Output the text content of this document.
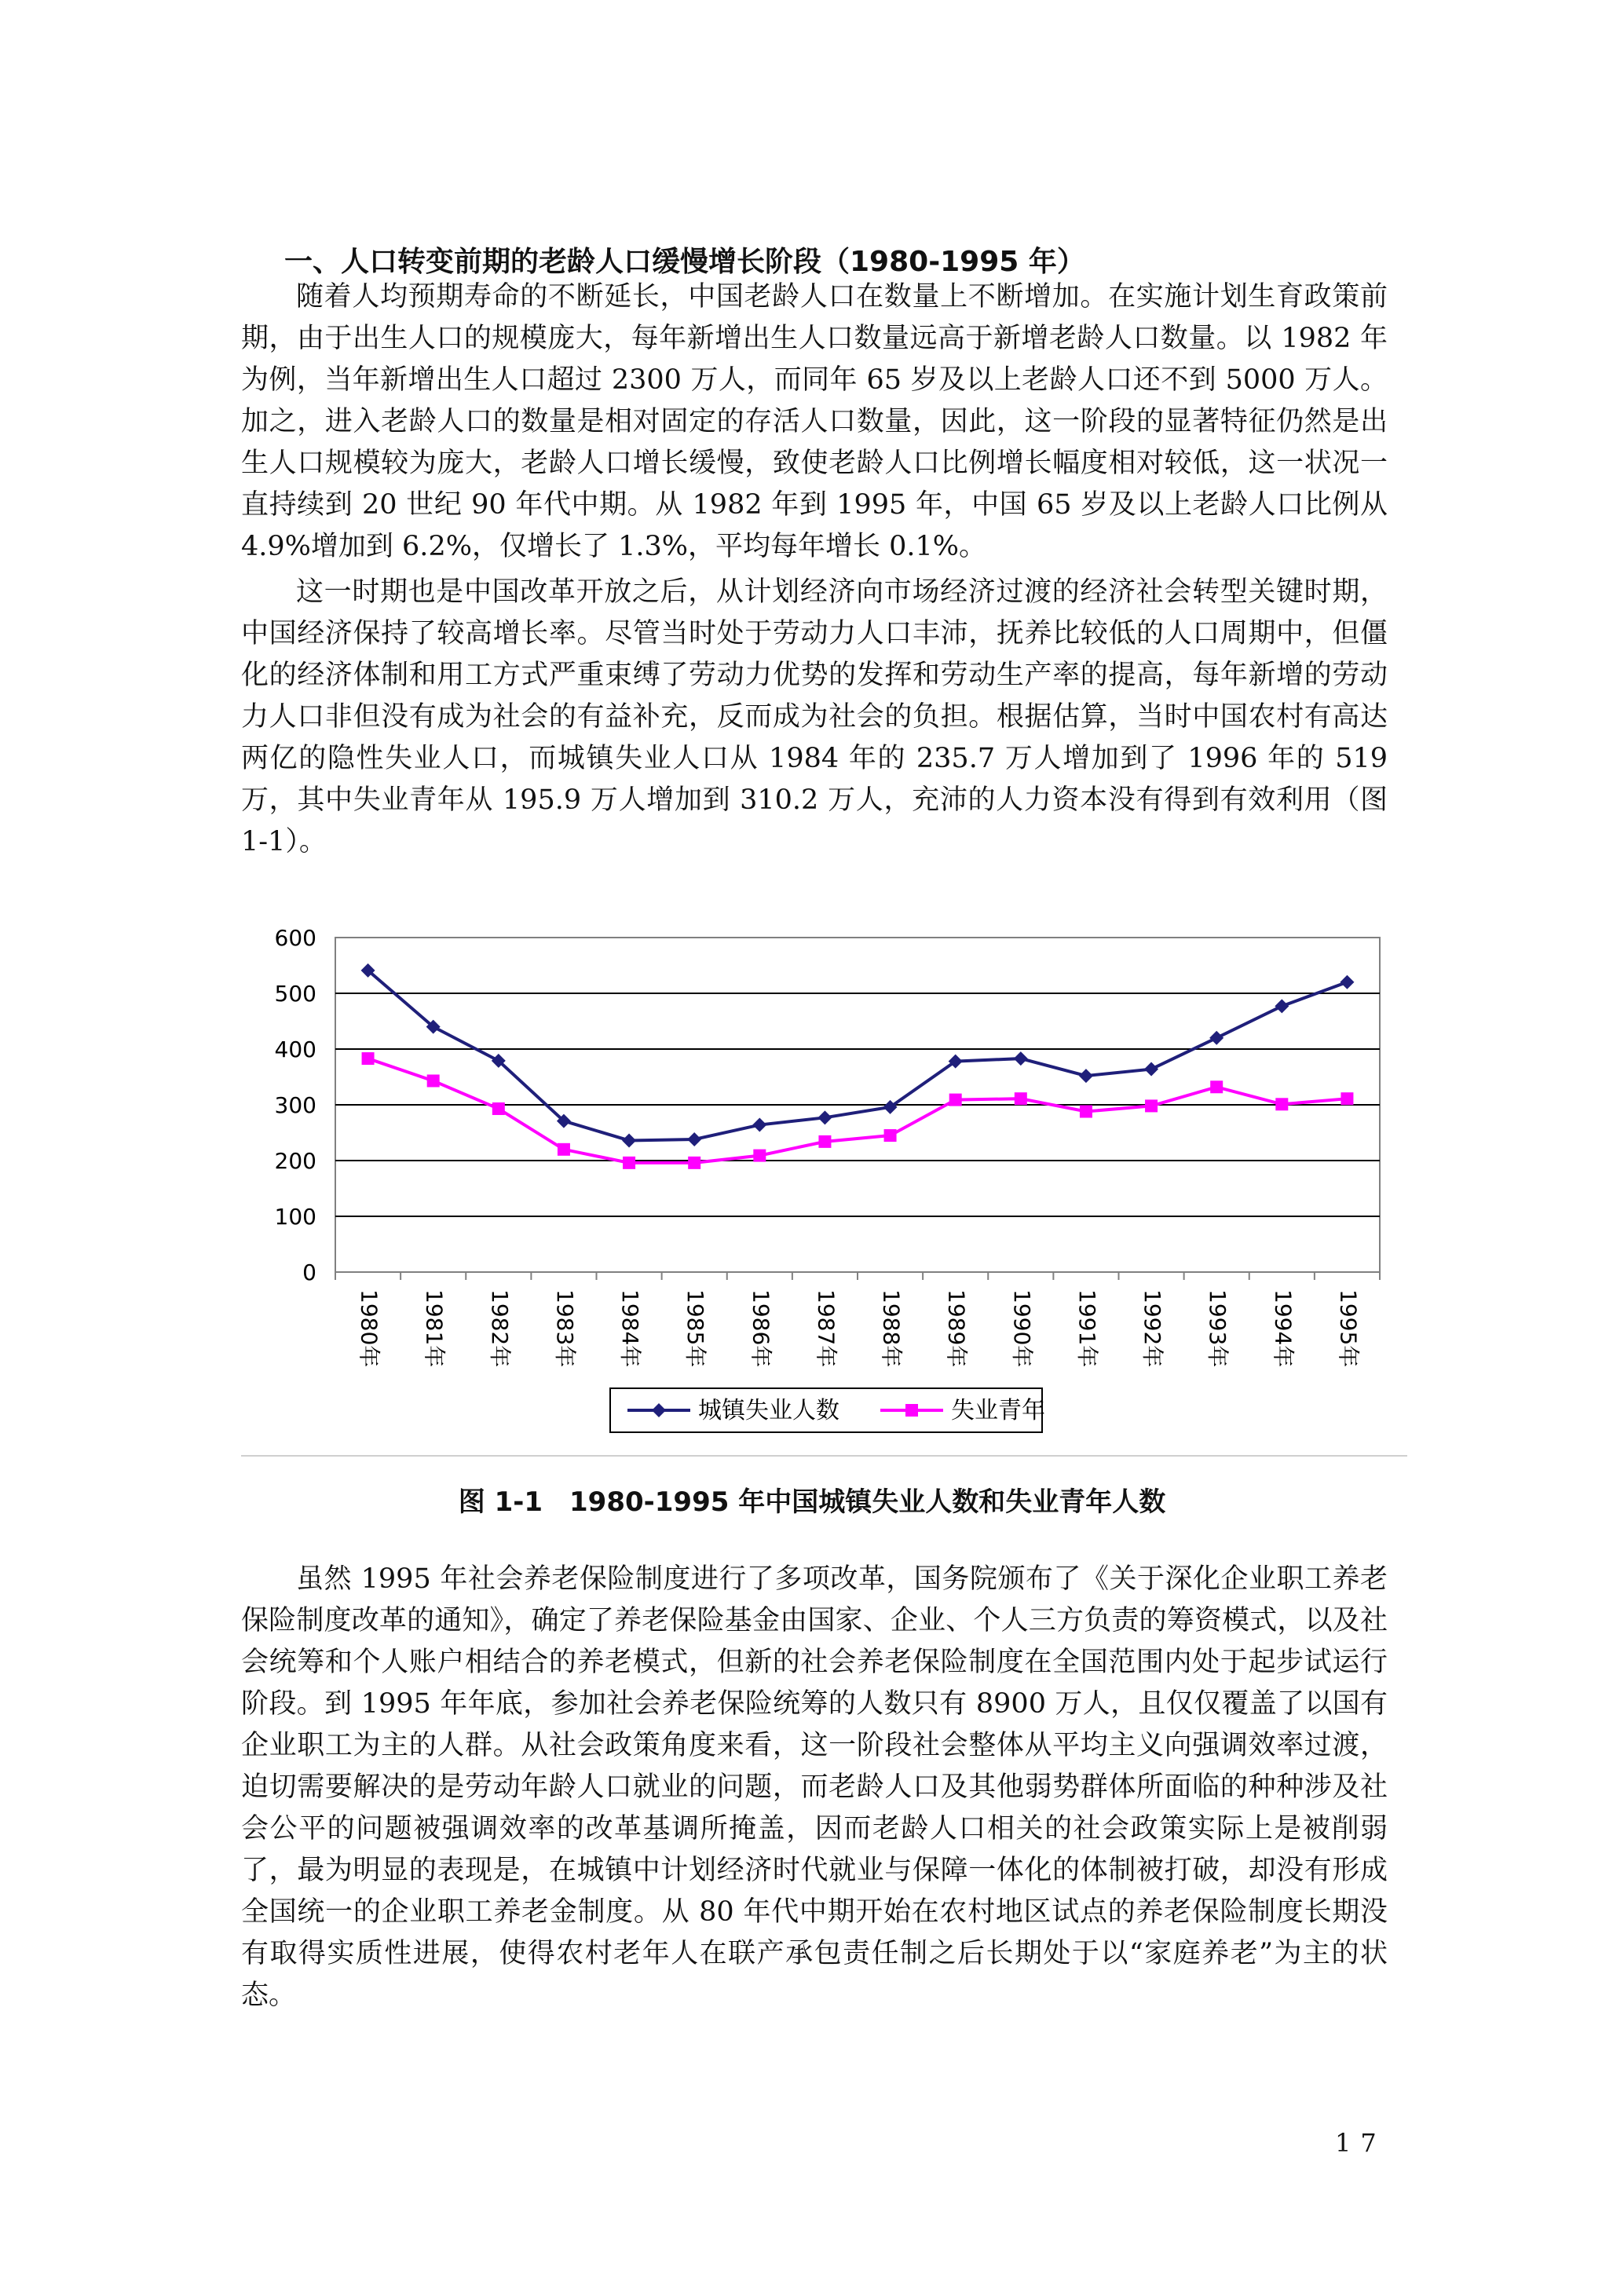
一、人口转变前期的老龄人口缓慢增长阶段（1980-1995 年）

随着人均预期寿命的不断延长，中国老龄人口在数量上不断增加。在实施计划生育政策前期，由于出生人口的规模庞大，每年新增出生人口数量远高于新增老龄人口数量。以 1982 年为例，当年新增出生人口超过 2300 万人，而同年 65 岁及以上老龄人口还不到 5000 万人。加之，进入老龄人口的数量是相对固定的存活人口数量，因此，这一阶段的显著特征仍然是出生人口规模较为庞大，老龄人口增长缓慢，致使老龄人口比例增长幅度相对较低，这一状况一直持续到 20 世纪 90 年代中期。从 1982 年到 1995 年，中国 65 岁及以上老龄人口比例从 4.9%增加到 6.2%，仅增长了 1.3%，平均每年增长 0.1%。

这一时期也是中国改革开放之后，从计划经济向市场经济过渡的经济社会转型关键时期，中国经济保持了较高增长率。尽管当时处于劳动力人口丰沛，抚养比较低的人口周期中，但僵化的经济体制和用工方式严重束缚了劳动力优势的发挥和劳动生产率的提高，每年新增的劳动力人口非但没有成为社会的有益补充，反而成为社会的负担。根据估算，当时中国农村有高达两亿的隐性失业人口，而城镇失业人口从 1984 年的 235.7 万人增加到了 1996 年的 519 万，其中失业青年从 195.9 万人增加到 310.2 万人，充沛的人力资本没有得到有效利用（图 1-1）。

0
100
200
300
400
500
600
1980年 1981年 1982年 1983年 1984年 1985年 1986年 1987年 1988年 1989年 1990年 1991年 1992年 1993年 1994年 1995年
城镇失业人数	失业青年
图 1-1　1980-1995 年中国城镇失业人数和失业青年人数

虽然 1995 年社会养老保险制度进行了多项改革，国务院颁布了《关于深化企业职工养老保险制度改革的通知》，确定了养老保险基金由国家、企业、个人三方负责的筹资模式，以及社会统筹和个人账户相结合的养老模式，但新的社会养老保险制度在全国范围内处于起步试运行阶段。到 1995 年年底，参加社会养老保险统筹的人数只有 8900 万人，且仅仅覆盖了以国有企业职工为主的人群。从社会政策角度来看，这一阶段社会整体从平均主义向强调效率过渡，迫切需要解决的是劳动年龄人口就业的问题，而老龄人口及其他弱势群体所面临的种种涉及社会公平的问题被强调效率的改革基调所掩盖，因而老龄人口相关的社会政策实际上是被削弱了，最为明显的表现是，在城镇中计划经济时代就业与保障一体化的体制被打破，却没有形成全国统一的企业职工养老金制度。从 80 年代中期开始在农村地区试点的养老保险制度长期没有取得实质性进展，使得农村老年人在联产承包责任制之后长期处于以“家庭养老”为主的状态。

17
